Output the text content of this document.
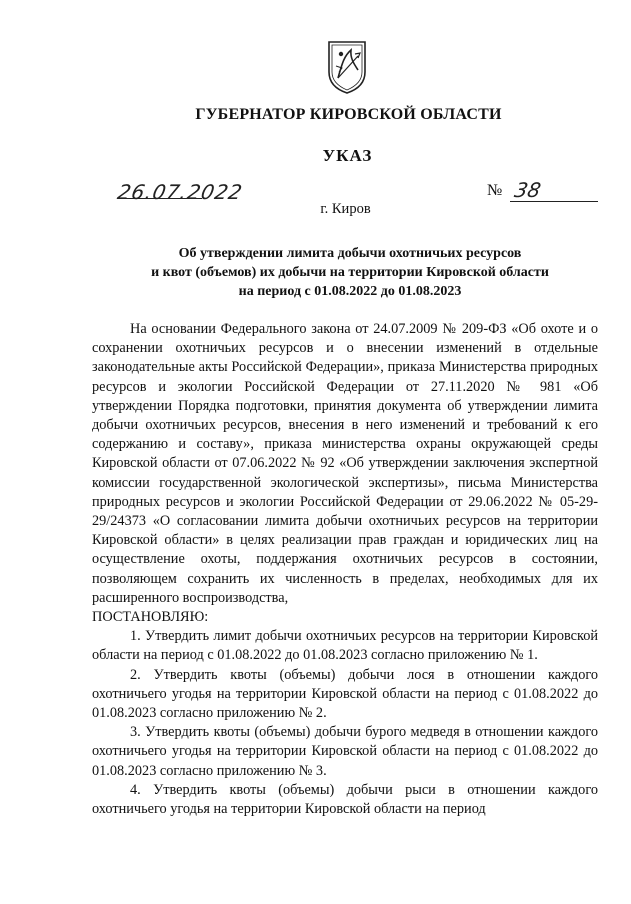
ГУБЕРНАТОР КИРОВСКОЙ ОБЛАСТИ
УКАЗ
26.07.2022	№ 38
г. Киров
Об утверждении лимита добычи охотничьих ресурсов
и квот (объемов) их добычи на территории Кировской области
на период с 01.08.2022 до 01.08.2023

На основании Федерального закона от 24.07.2009 № 209-ФЗ «Об охоте и о сохранении охотничьих ресурсов и о внесении изменений в отдельные законодательные акты Российской Федерации», приказа Министерства природных ресурсов и экологии Российской Федерации от 27.11.2020 № 981 «Об утверждении Порядка подготовки, принятия документа об утверждении лимита добычи охотничьих ресурсов, внесения в него изменений и требований к его содержанию и составу», приказа министерства охраны окружающей среды Кировской области от 07.06.2022 № 92 «Об утверждении заключения экспертной комиссии государственной экологической экспертизы», письма Министерства природных ресурсов и экологии Российской Федерации от 29.06.2022 № 05-29-29/24373 «О согласовании лимита добычи охотничьих ресурсов на территории Кировской области» в целях реализации прав граждан и юридических лиц на осуществление охоты, поддержания охотничьих ресурсов в состоянии, позволяющем сохранить их численность в пределах, необходимых для их расширенного воспроизводства,

ПОСТАНОВЛЯЮ:

1. Утвердить лимит добычи охотничьих ресурсов на территории Кировской области на период с 01.08.2022 до 01.08.2023 согласно приложению № 1.

2. Утвердить квоты (объемы) добычи лося в отношении каждого охотничьего угодья на территории Кировской области на период с 01.08.2022 до 01.08.2023 согласно приложению № 2.

3. Утвердить квоты (объемы) добычи бурого медведя в отношении каждого охотничьего угодья на территории Кировской области на период с 01.08.2022 до 01.08.2023 согласно приложению № 3.

4. Утвердить квоты (объемы) добычи рыси в отношении каждого охотничьего угодья на территории Кировской области на период
